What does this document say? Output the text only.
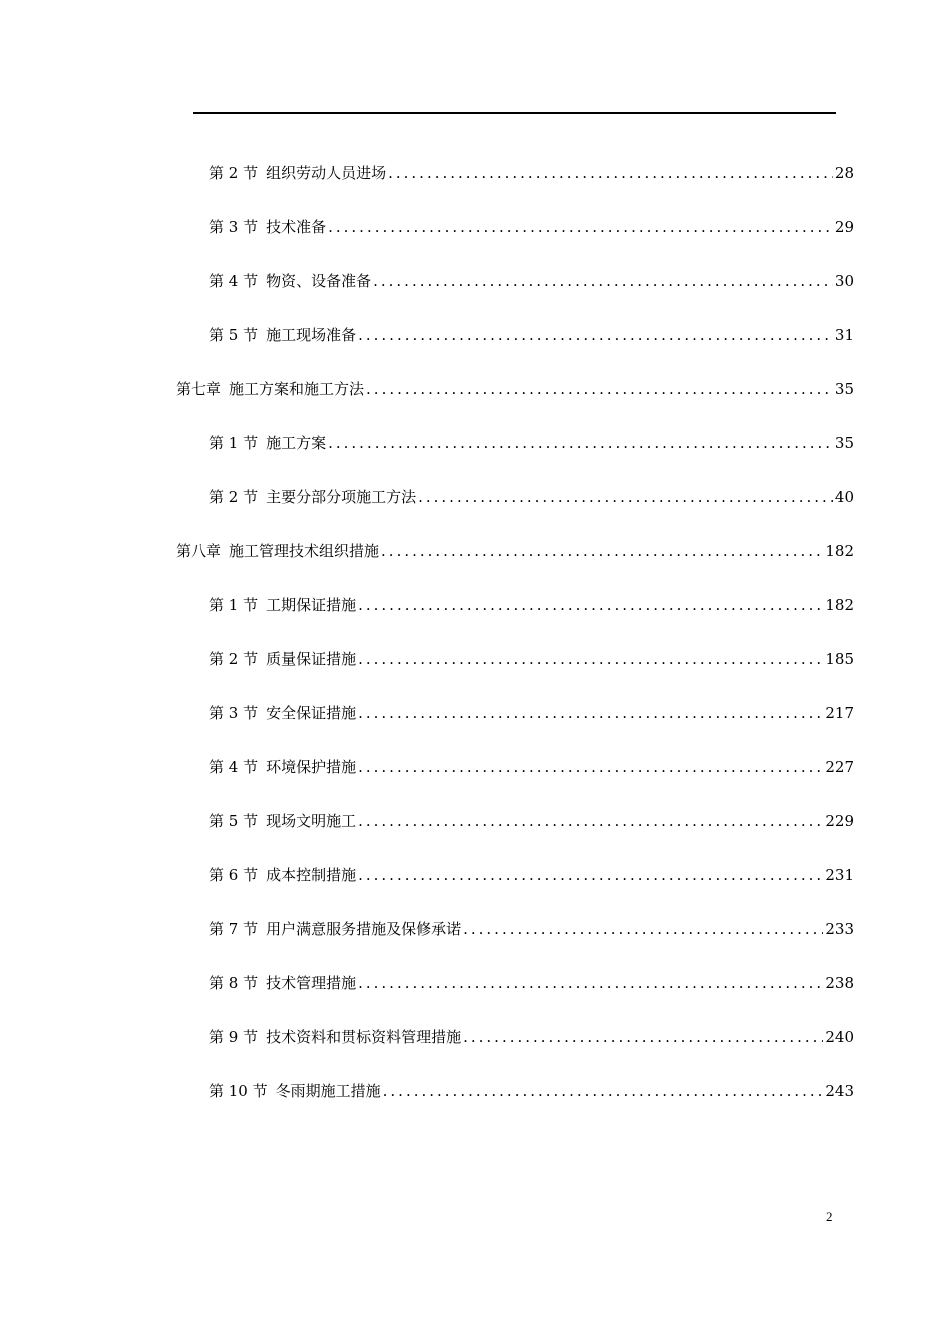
第 2 节 组织劳动人员进场 .....	28
第 3 节 技术准备 .....	29
第 4 节 物资、设备准备 .....	30
第 5 节 施工现场准备 .....	31
第七章 施工方案和施工方法 .....	35
第 1 节 施工方案 .....	35
第 2 节 主要分部分项施工方法 .....	40
第八章 施工管理技术组织措施 .....	182
第 1 节 工期保证措施 .....	182
第 2 节 质量保证措施 .....	185
第 3 节 安全保证措施 .....	217
第 4 节 环境保护措施 .....	227
第 5 节 现场文明施工 .....	229
第 6 节 成本控制措施 .....	231
第 7 节 用户满意服务措施及保修承诺 .....	233
第 8 节 技术管理措施 .....	238
第 9 节 技术资料和贯标资料管理措施 .....	240
第 10 节 冬雨期施工措施 .....	243
2
